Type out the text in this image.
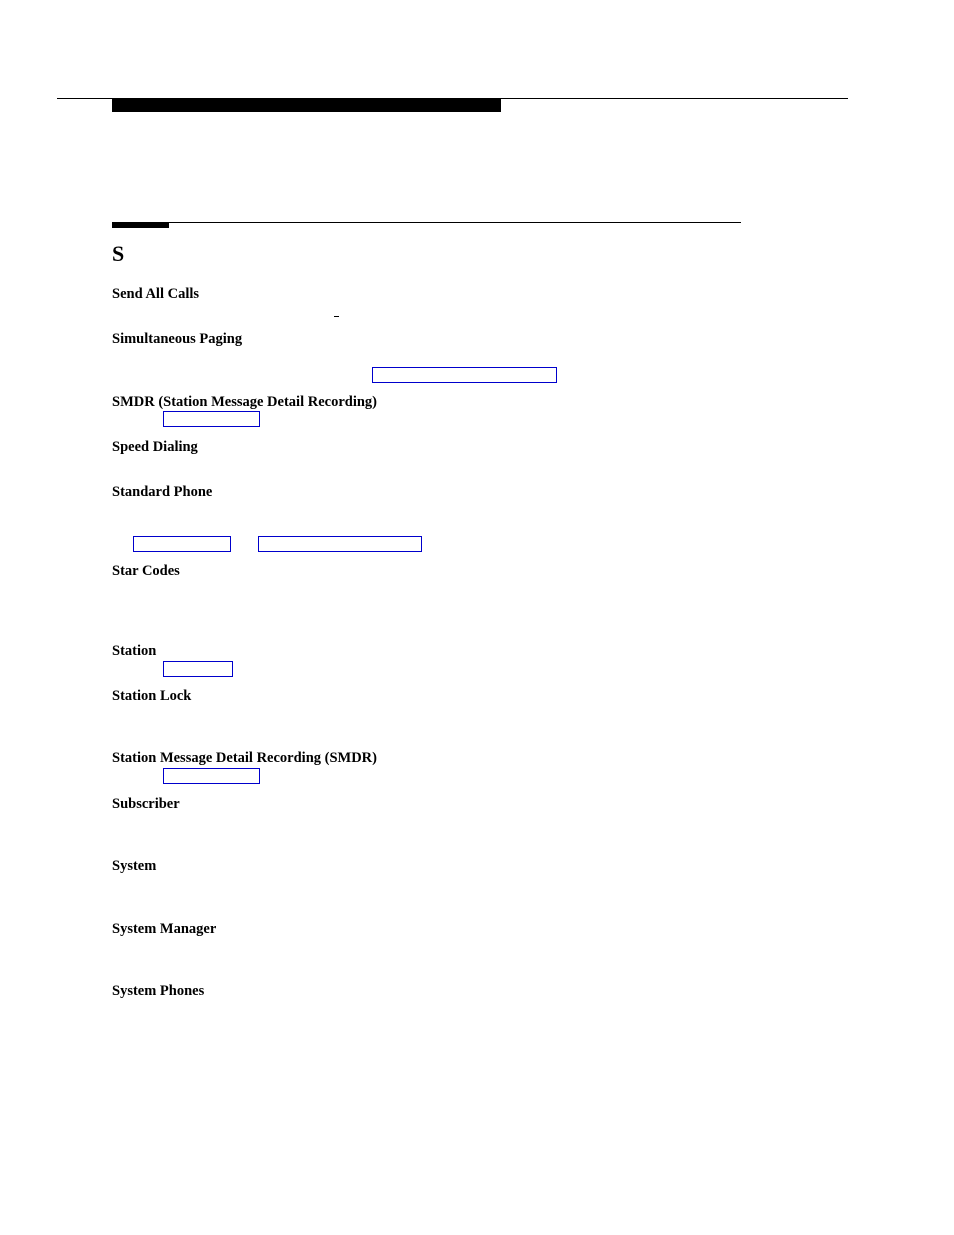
S
Send All Calls
Simultaneous Paging
SMDR (Station Message Detail Recording)
Speed Dialing
Standard Phone
Star Codes
Station
Station Lock
Station Message Detail Recording (SMDR)
Subscriber
System
System Manager
System Phones
